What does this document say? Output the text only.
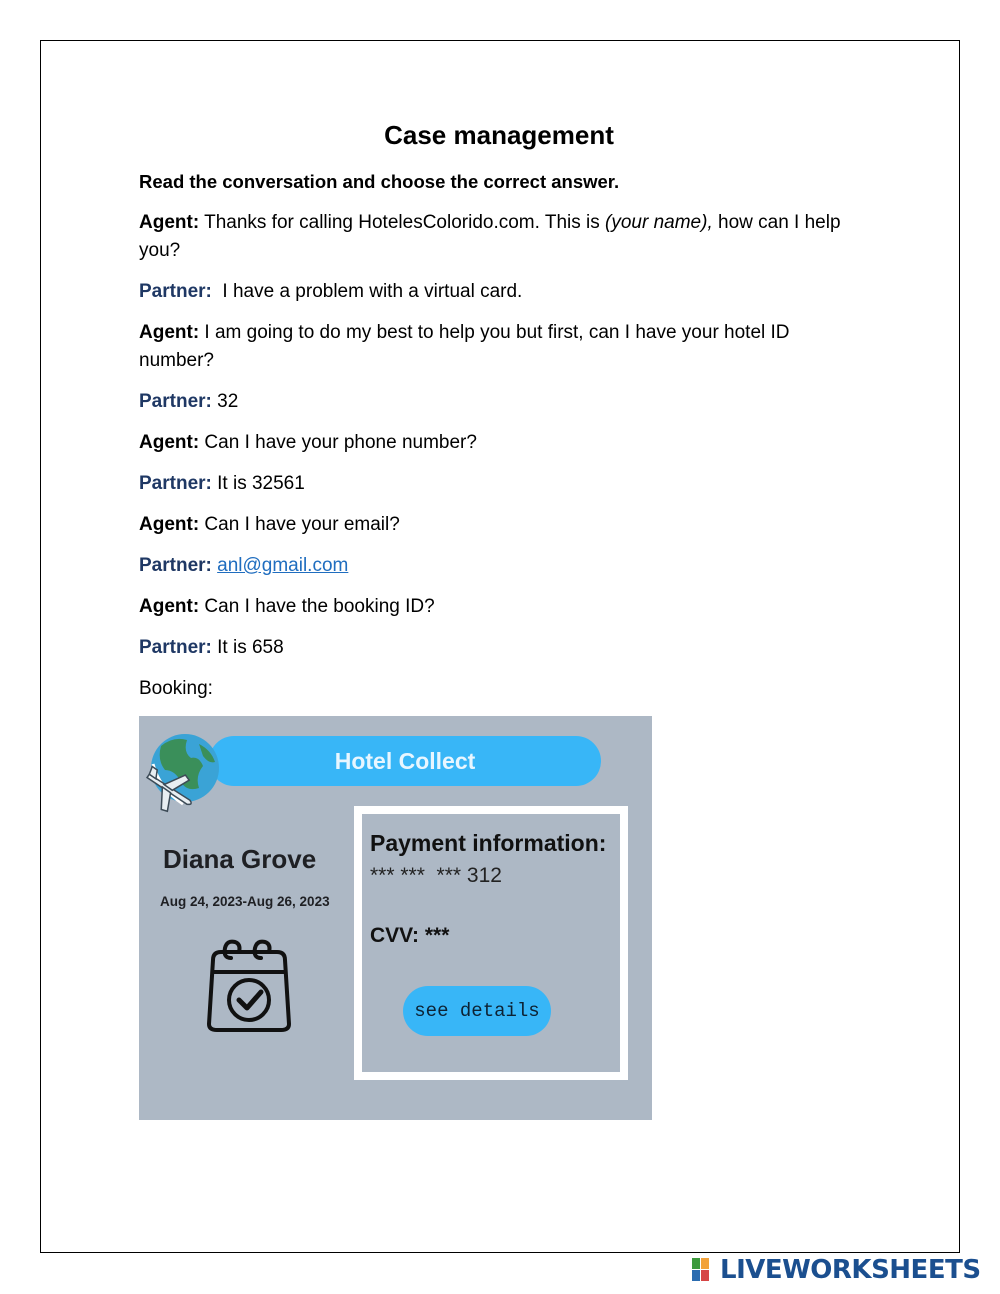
Case management
Read the conversation and choose the correct answer.
Agent: Thanks for calling HotelesColorido.com. This is (your name), how can I help you?
Partner:  I have a problem with a virtual card.
Agent: I am going to do my best to help you but first, can I have your hotel ID number?
Partner: 32
Agent: Can I have your phone number?
Partner: It is 32561
Agent: Can I have your email?
Partner: anl@gmail.com
Agent: Can I have the booking ID?
Partner: It is 658
Booking:
Hotel Collect
Diana Grove
Aug 24, 2023-Aug 26, 2023
Payment information:
*** ***  *** 312
CVV: ***
see details
LIVEWORKSHEETS
